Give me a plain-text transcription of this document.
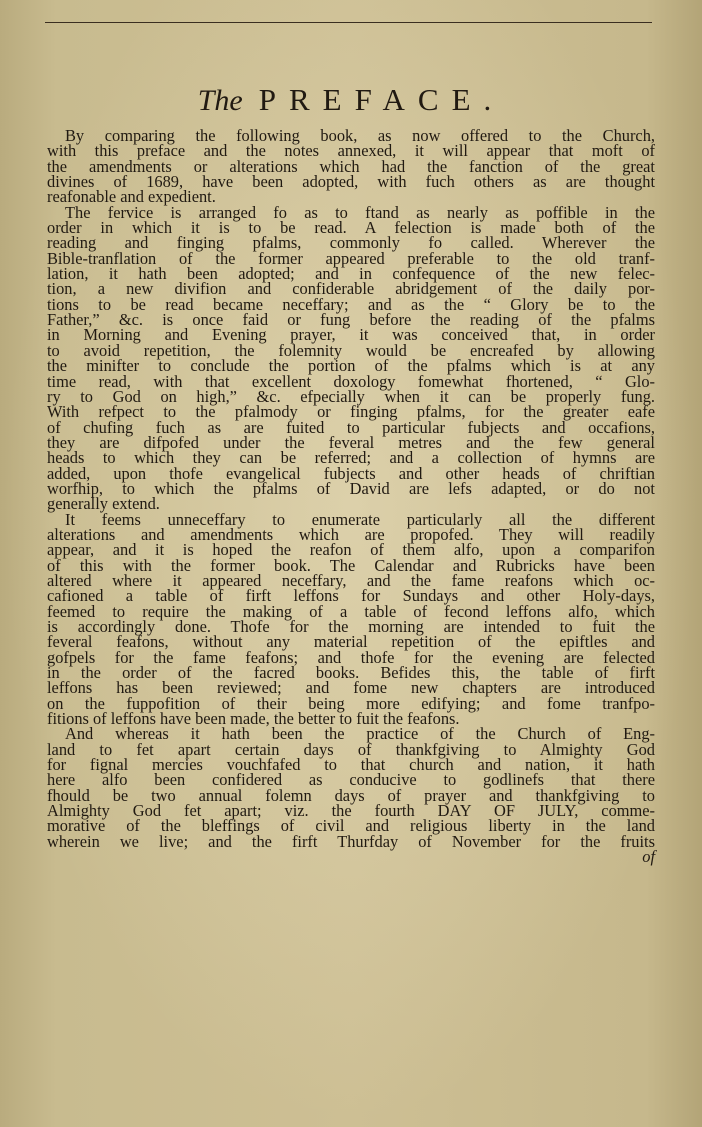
The PREFACE.
By comparing the following book, as now offered to the Church,
with this preface and the notes annexed, it will appear that moft of
the amendments or alterations which had the fanction of the great
divines of 1689, have been adopted, with fuch others as are thought
reafonable and expedient.
The fervice is arranged fo as to ftand as nearly as poffible in the
order in which it is to be read. A felection is made both of the
reading and finging pfalms, commonly fo called. Wherever the
Bible-tranflation of the former appeared preferable to the old tranf-
lation, it hath been adopted; and in confequence of the new felec-
tion, a new divifion and confiderable abridgement of the daily por-
tions to be read became neceffary; and as the “ Glory be to the
Father,” &c. is once faid or fung before the reading of the pfalms
in Morning and Evening prayer, it was conceived that, in order
to avoid repetition, the folemnity would be encreafed by allowing
the minifter to conclude the portion of the pfalms which is at any
time read, with that excellent doxology fomewhat fhortened, “ Glo-
ry to God on high,” &c. efpecially when it can be properly fung.
With refpect to the pfalmody or finging pfalms, for the greater eafe
of chufing fuch as are fuited to particular fubjects and occafions,
they are difpofed under the feveral metres and the few general
heads to which they can be referred; and a collection of hymns are
added, upon thofe evangelical fubjects and other heads of chriftian
worfhip, to which the pfalms of David are lefs adapted, or do not
generally extend.
It feems unneceffary to enumerate particularly all the different
alterations and amendments which are propofed. They will readily
appear, and it is hoped the reafon of them alfo, upon a comparifon
of this with the former book. The Calendar and Rubricks have been
altered where it appeared neceffary, and the fame reafons which oc-
cafioned a table of firft leffons for Sundays and other Holy-days,
feemed to require the making of a table of fecond leffons alfo, which
is accordingly done. Thofe for the morning are intended to fuit the
feveral feafons, without any material repetition of the epiftles and
gofpels for the fame feafons; and thofe for the evening are felected
in the order of the facred books. Befides this, the table of firft
leffons has been reviewed; and fome new chapters are introduced
on the fuppofition of their being more edifying; and fome tranfpo-
fitions of leffons have been made, the better to fuit the feafons.
And whereas it hath been the practice of the Church of Eng-
land to fet apart certain days of thankfgiving to Almighty God
for fignal mercies vouchfafed to that church and nation, it hath
here alfo been confidered as conducive to godlinefs that there
fhould be two annual folemn days of prayer and thankfgiving to
Almighty God fet apart; viz. the fourth DAY OF JULY, comme-
morative of the bleffings of civil and religious liberty in the land
wherein we live; and the firft Thurfday of November for the fruits
of
